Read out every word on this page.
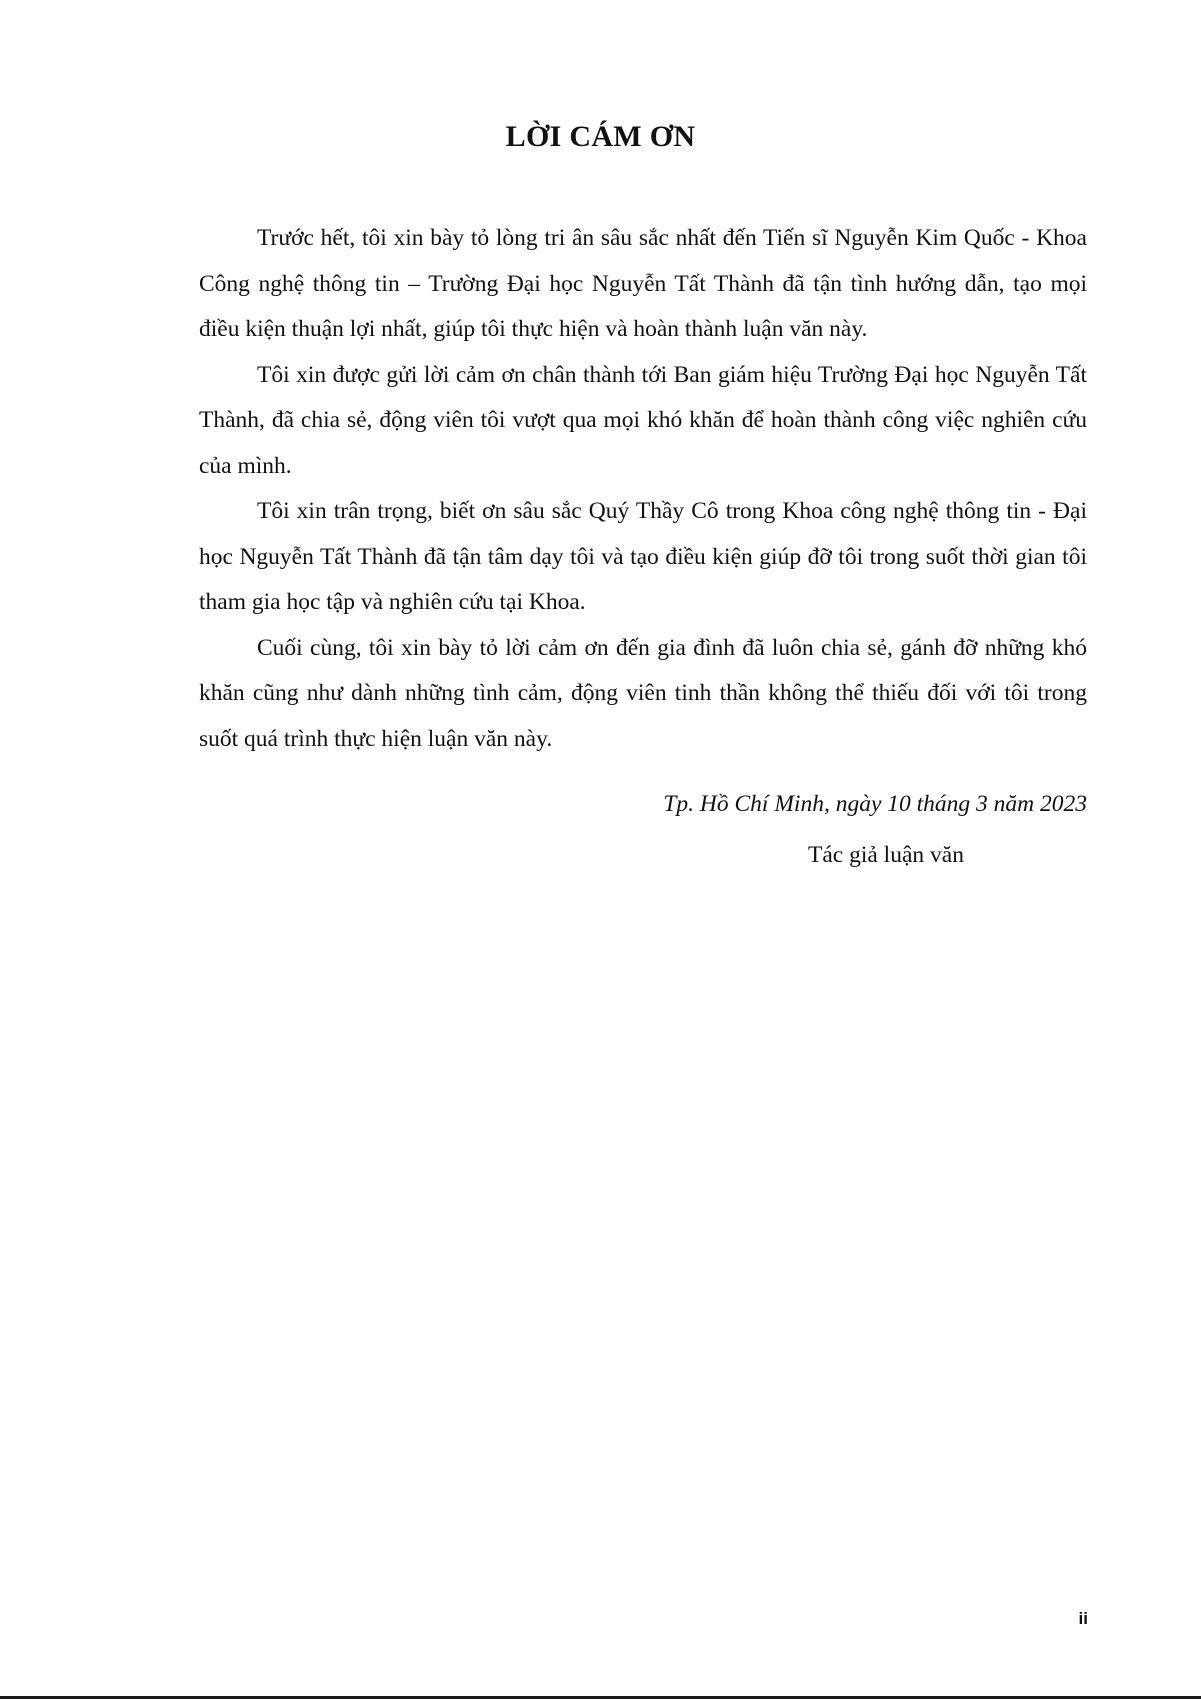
LỜI CÁM ƠN

Trước hết, tôi xin bày tỏ lòng tri ân sâu sắc nhất đến Tiến sĩ Nguyễn Kim Quốc - Khoa Công nghệ thông tin – Trường Đại học Nguyễn Tất Thành đã tận tình hướng dẫn, tạo mọi điều kiện thuận lợi nhất, giúp tôi thực hiện và hoàn thành luận văn này.

Tôi xin được gửi lời cảm ơn chân thành tới Ban giám hiệu Trường Đại học Nguyễn Tất Thành, đã chia sẻ, động viên tôi vượt qua mọi khó khăn để hoàn thành công việc nghiên cứu của mình.

Tôi xin trân trọng, biết ơn sâu sắc Quý Thầy Cô trong Khoa công nghệ thông tin - Đại học Nguyễn Tất Thành đã tận tâm dạy tôi và tạo điều kiện giúp đỡ tôi trong suốt thời gian tôi tham gia học tập và nghiên cứu tại Khoa.

Cuối cùng, tôi xin bày tỏ lời cảm ơn đến gia đình đã luôn chia sẻ, gánh đỡ những khó khăn cũng như dành những tình cảm, động viên tinh thần không thể thiếu đối với tôi trong suốt quá trình thực hiện luận văn này.

Tp. Hồ Chí Minh, ngày 10 tháng 3 năm 2023
Tác giả luận văn
ii
